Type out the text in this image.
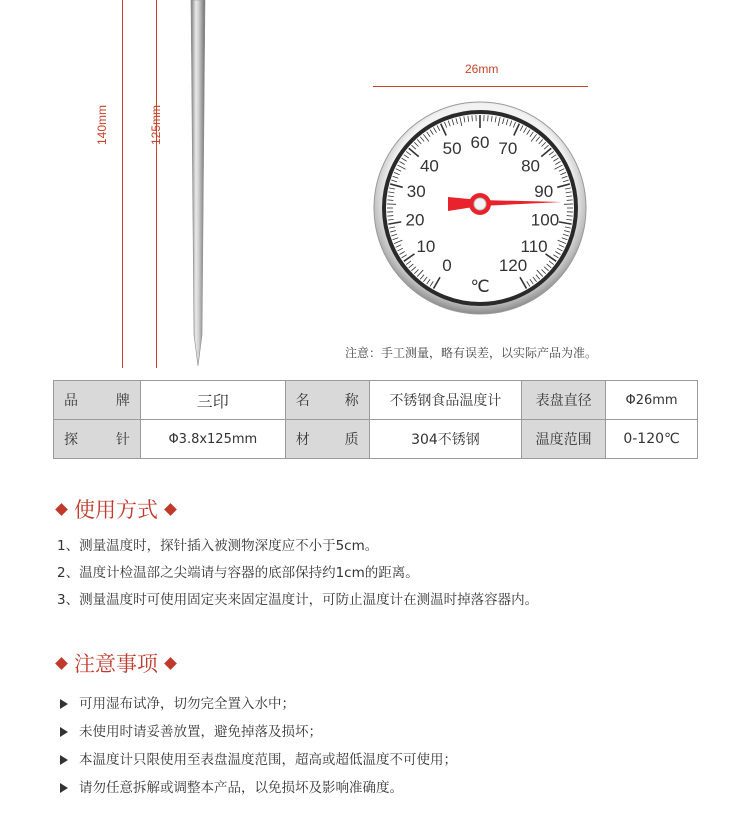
140mm	125mm
26mm
0
10
20
30
40
50 60 70
80
90
100
110
120
℃
注意：手工测量，略有误差，以实际产品为准。
品 牌	三印	名 称	不锈钢食品温度计	表盘直径	Φ26mm

探 针	Φ3.8x125mm	材 质	304不锈钢	温度范围	0-120℃
使用方式
1、测量温度时，探针插入被测物深度应不小于5cm。
2、温度计检温部之尖端请与容器的底部保持约1cm的距离。
3、测量温度时可使用固定夹来固定温度计，可防止温度计在测温时掉落容器内。
注意事项
可用湿布试净，切勿完全置入水中；
未使用时请妥善放置，避免掉落及损坏；
本温度计只限使用至表盘温度范围，超高或超低温度不可使用；
请勿任意拆解或调整本产品，以免损坏及影响准确度。
